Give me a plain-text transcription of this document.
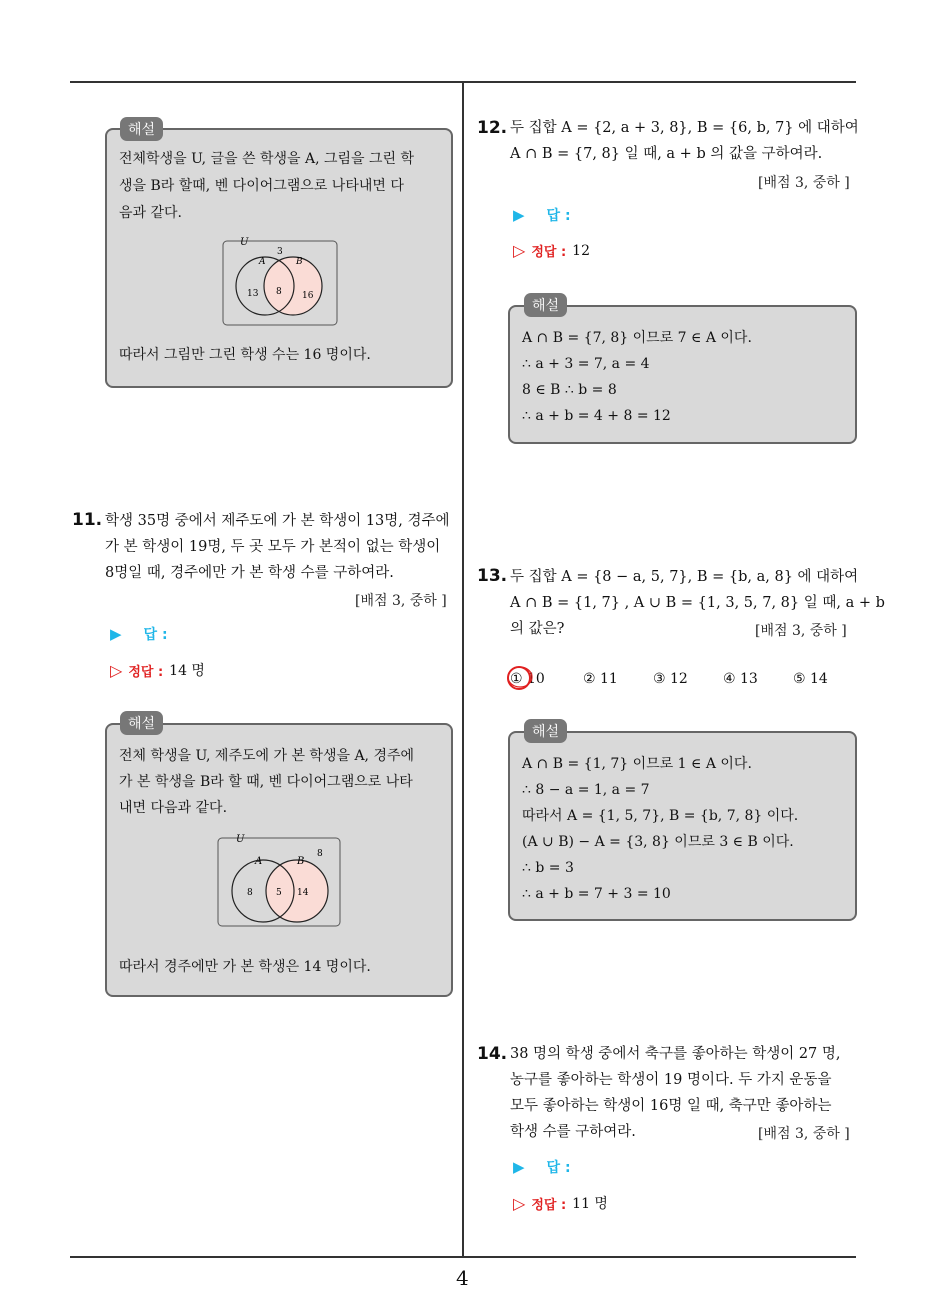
전체학생을 U, 글을 쓴 학생을 A, 그림을 그린 학
생을 B라 할때, 벤 다이어그램으로 나타내면 다
음과 같다.
U
3
A	B
13 8 16
따라서 그림만 그린 학생 수는 16 명이다.
해설
11. 학생 35명 중에서 제주도에 가 본 학생이 13명, 경주에
가 본 학생이 19명, 두 곳 모두 가 본적이 없는 학생이
8명일 때, 경주에만 가 본 학생 수를 구하여라.
[배점 3, 중하 ]
▶ 답 :
▷ 정답 : 14 명
전체 학생을 U, 제주도에 가 본 학생을 A, 경주에
가 본 학생을 B라 할 때, 벤 다이어그램으로 나타
내면 다음과 같다.
U
8
A	B
8	5 14
따라서 경주에만 가 본 학생은 14 명이다.
해설
12. 두 집합 A = {2, a + 3, 8}, B = {6, b, 7} 에 대하여
A ∩ B = {7, 8} 일 때, a + b 의 값을 구하여라.
[배점 3, 중하 ]
▶ 답 :
▷ 정답 : 12
A ∩ B = {7, 8} 이므로 7 ∈ A 이다.
∴ a + 3 = 7, a = 4
8 ∈ B ∴ b = 8
∴ a + b = 4 + 8 = 12
해설
13. 두 집합 A = {8 − a, 5, 7}, B = {b, a, 8} 에 대하여
A ∩ B = {1, 7} , A ∪ B = {1, 3, 5, 7, 8} 일 때, a + b
의 값은?	[배점 3, 중하 ]
① 10	② 11	③ 12	④ 13	⑤ 14
A ∩ B = {1, 7} 이므로 1 ∈ A 이다.
∴ 8 − a = 1, a = 7
따라서 A = {1, 5, 7}, B = {b, 7, 8} 이다.
(A ∪ B) − A = {3, 8} 이므로 3 ∈ B 이다.
∴ b = 3
∴ a + b = 7 + 3 = 10
해설
14. 38 명의 학생 중에서 축구를 좋아하는 학생이 27 명,
농구를 좋아하는 학생이 19 명이다. 두 가지 운동을
모두 좋아하는 학생이 16명 일 때, 축구만 좋아하는
학생 수를 구하여라.	[배점 3, 중하 ]
▶ 답 :
▷ 정답 : 11 명
4
